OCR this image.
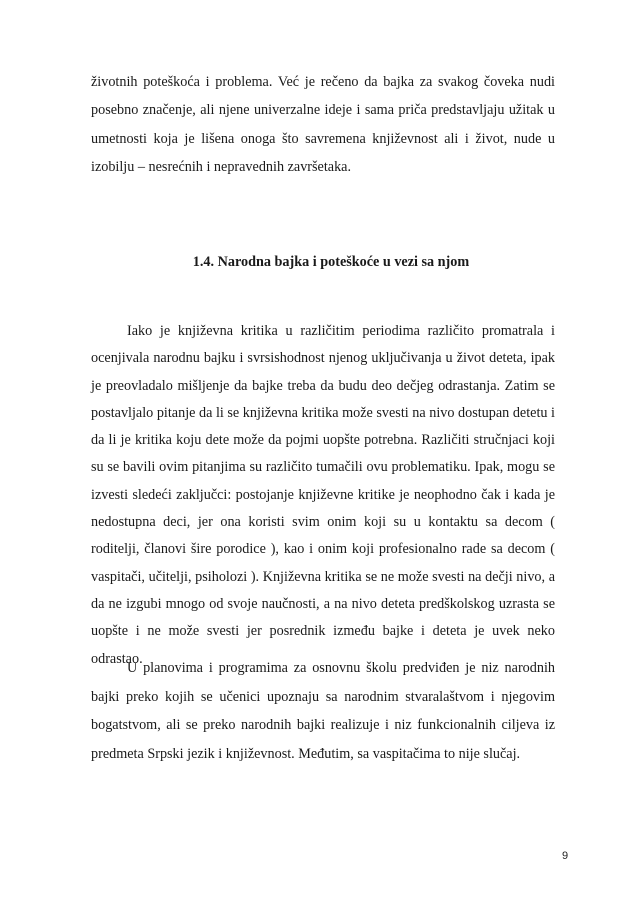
životnih poteškoća i problema. Već je rečeno da bajka za svakog čoveka nudi posebno značenje, ali njene univerzalne ideje i sama priča predstavljaju užitak u umetnosti koja je lišena onoga što savremena književnost ali i život, nude u izobilju – nesrećnih i nepravednih završetaka.

1.4. Narodna bajka i poteškoće u vezi sa njom

Iako je književna kritika u različitim periodima različito promatrala i ocenjivala narodnu bajku i svrsishodnost njenog uključivanja u život deteta, ipak je preovladalo mišljenje da bajke treba da budu deo dečjeg odrastanja. Zatim se postavljalo pitanje da li se književna kritika može svesti na nivo dostupan detetu i da li je kritika koju dete može da pojmi uopšte potrebna. Različiti stručnjaci koji su se bavili ovim pitanjima su različito tumačili ovu problematiku. Ipak, mogu se izvesti sledeći zaključci: postojanje književne kritike je neophodno čak i kada je nedostupna deci, jer ona koristi svim onim koji su u kontaktu sa decom ( roditelji, članovi šire porodice ), kao i onim koji profesionalno rade sa decom ( vaspitači, učitelji, psiholozi ). Književna kritika se ne može svesti na dečji nivo, a da ne izgubi mnogo od svoje naučnosti, a na nivo deteta predškolskog uzrasta se uopšte i ne može svesti jer posrednik između bajke i deteta je uvek neko odrastao.

U planovima i programima za osnovnu školu predviđen je niz narodnih bajki preko kojih se učenici upoznaju sa narodnim stvaralaštvom i njegovim bogatstvom, ali se preko narodnih bajki realizuje i niz funkcionalnih ciljeva iz predmeta Srpski jezik i književnost. Međutim, sa vaspitačima to nije slučaj.

9
